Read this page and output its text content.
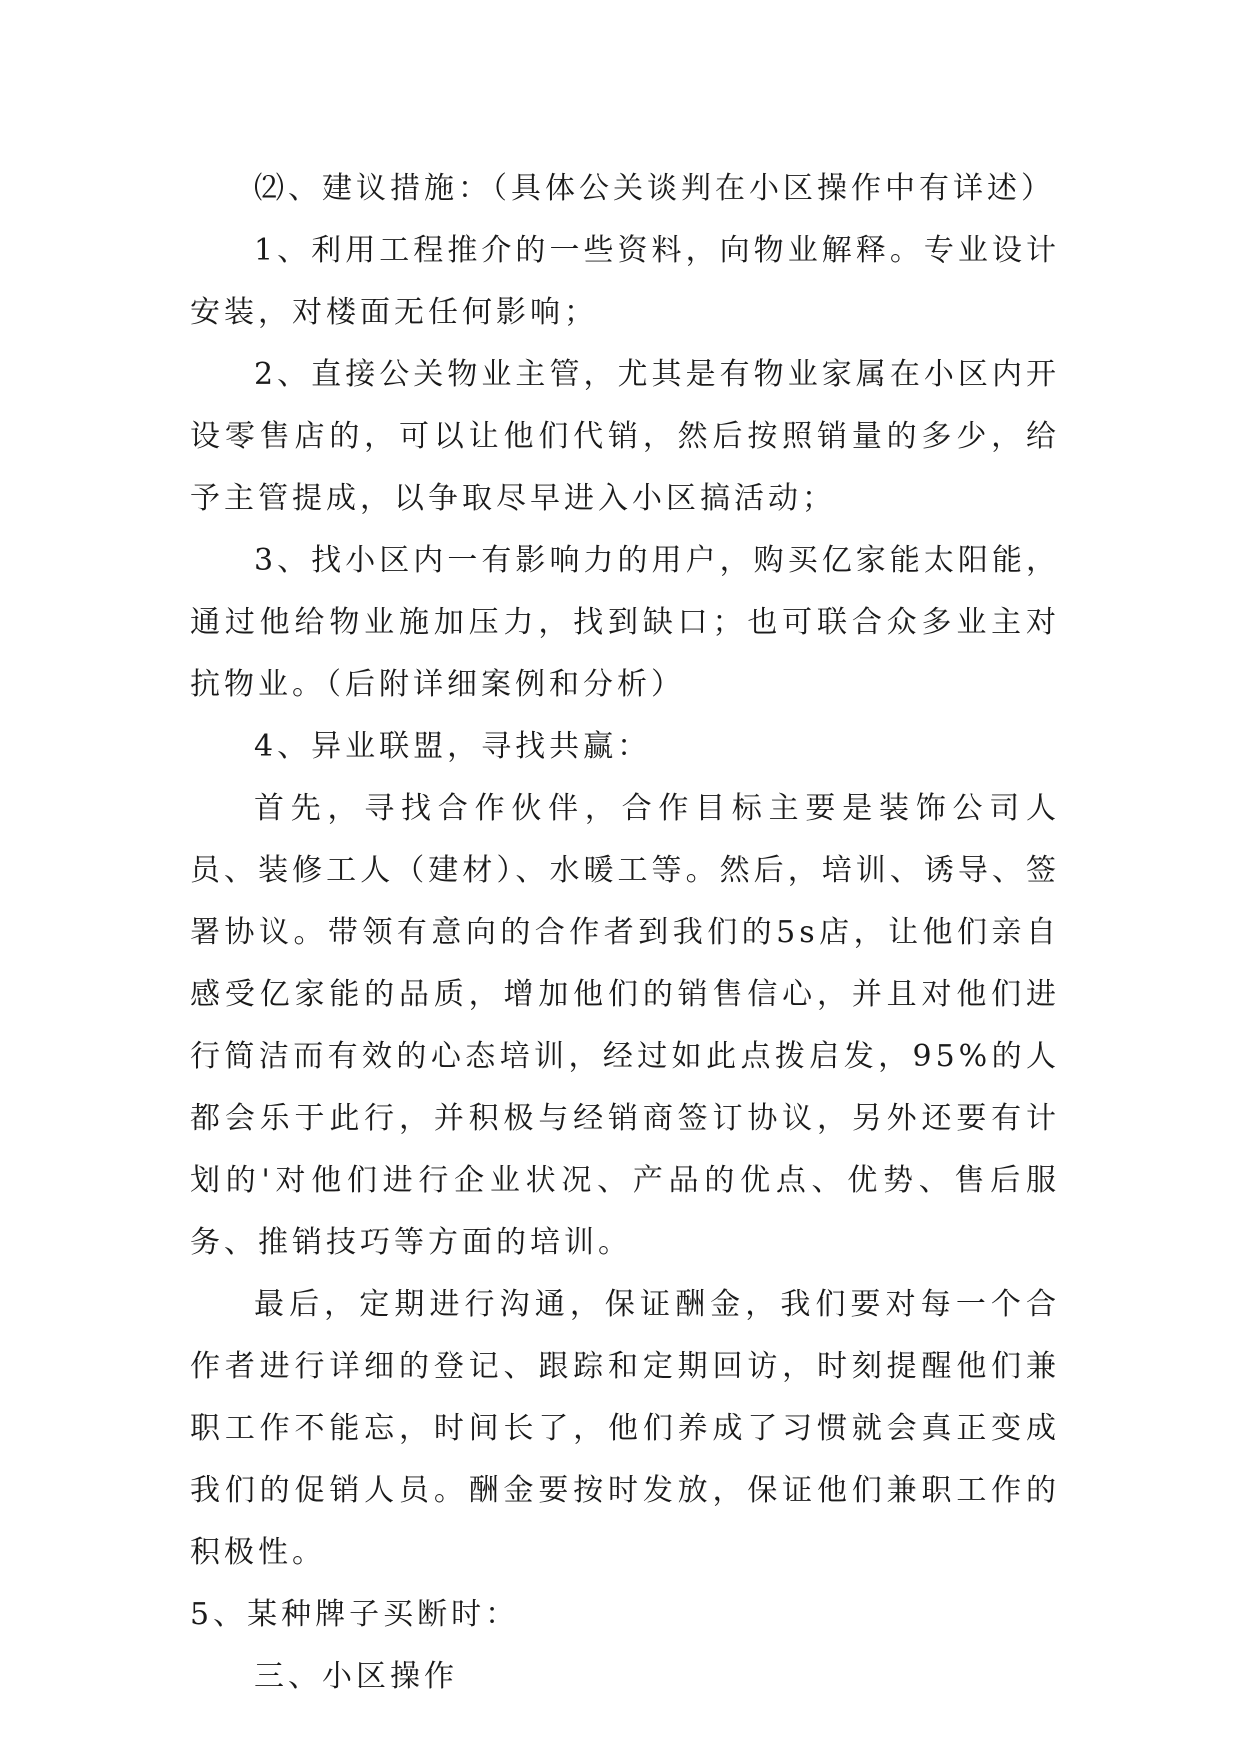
⑵、建议措施：（具体公关谈判在小区操作中有详述）

1、利用工程推介的一些资料，向物业解释。专业设计安装，对楼面无任何影响；

2、直接公关物业主管，尤其是有物业家属在小区内开设零售店的，可以让他们代销，然后按照销量的多少，给予主管提成，以争取尽早进入小区搞活动；

3、找小区内一有影响力的用户，购买亿家能太阳能，通过他给物业施加压力，找到缺口；也可联合众多业主对抗物业。（后附详细案例和分析）

4、异业联盟，寻找共赢：

首先，寻找合作伙伴，合作目标主要是装饰公司人员、装修工人（建材）、水暖工等。然后，培训、诱导、签署协议。带领有意向的合作者到我们的5s店，让他们亲自感受亿家能的品质，增加他们的销售信心，并且对他们进行简洁而有效的心态培训，经过如此点拨启发，95%的人都会乐于此行，并积极与经销商签订协议，另外还要有计划的'对他们进行企业状况、产品的优点、优势、售后服务、推销技巧等方面的培训。

最后，定期进行沟通，保证酬金，我们要对每一个合作者进行详细的登记、跟踪和定期回访，时刻提醒他们兼职工作不能忘，时间长了，他们养成了习惯就会真正变成我们的促销人员。酬金要按时发放，保证他们兼职工作的积极性。

5、某种牌子买断时：

三、小区操作
